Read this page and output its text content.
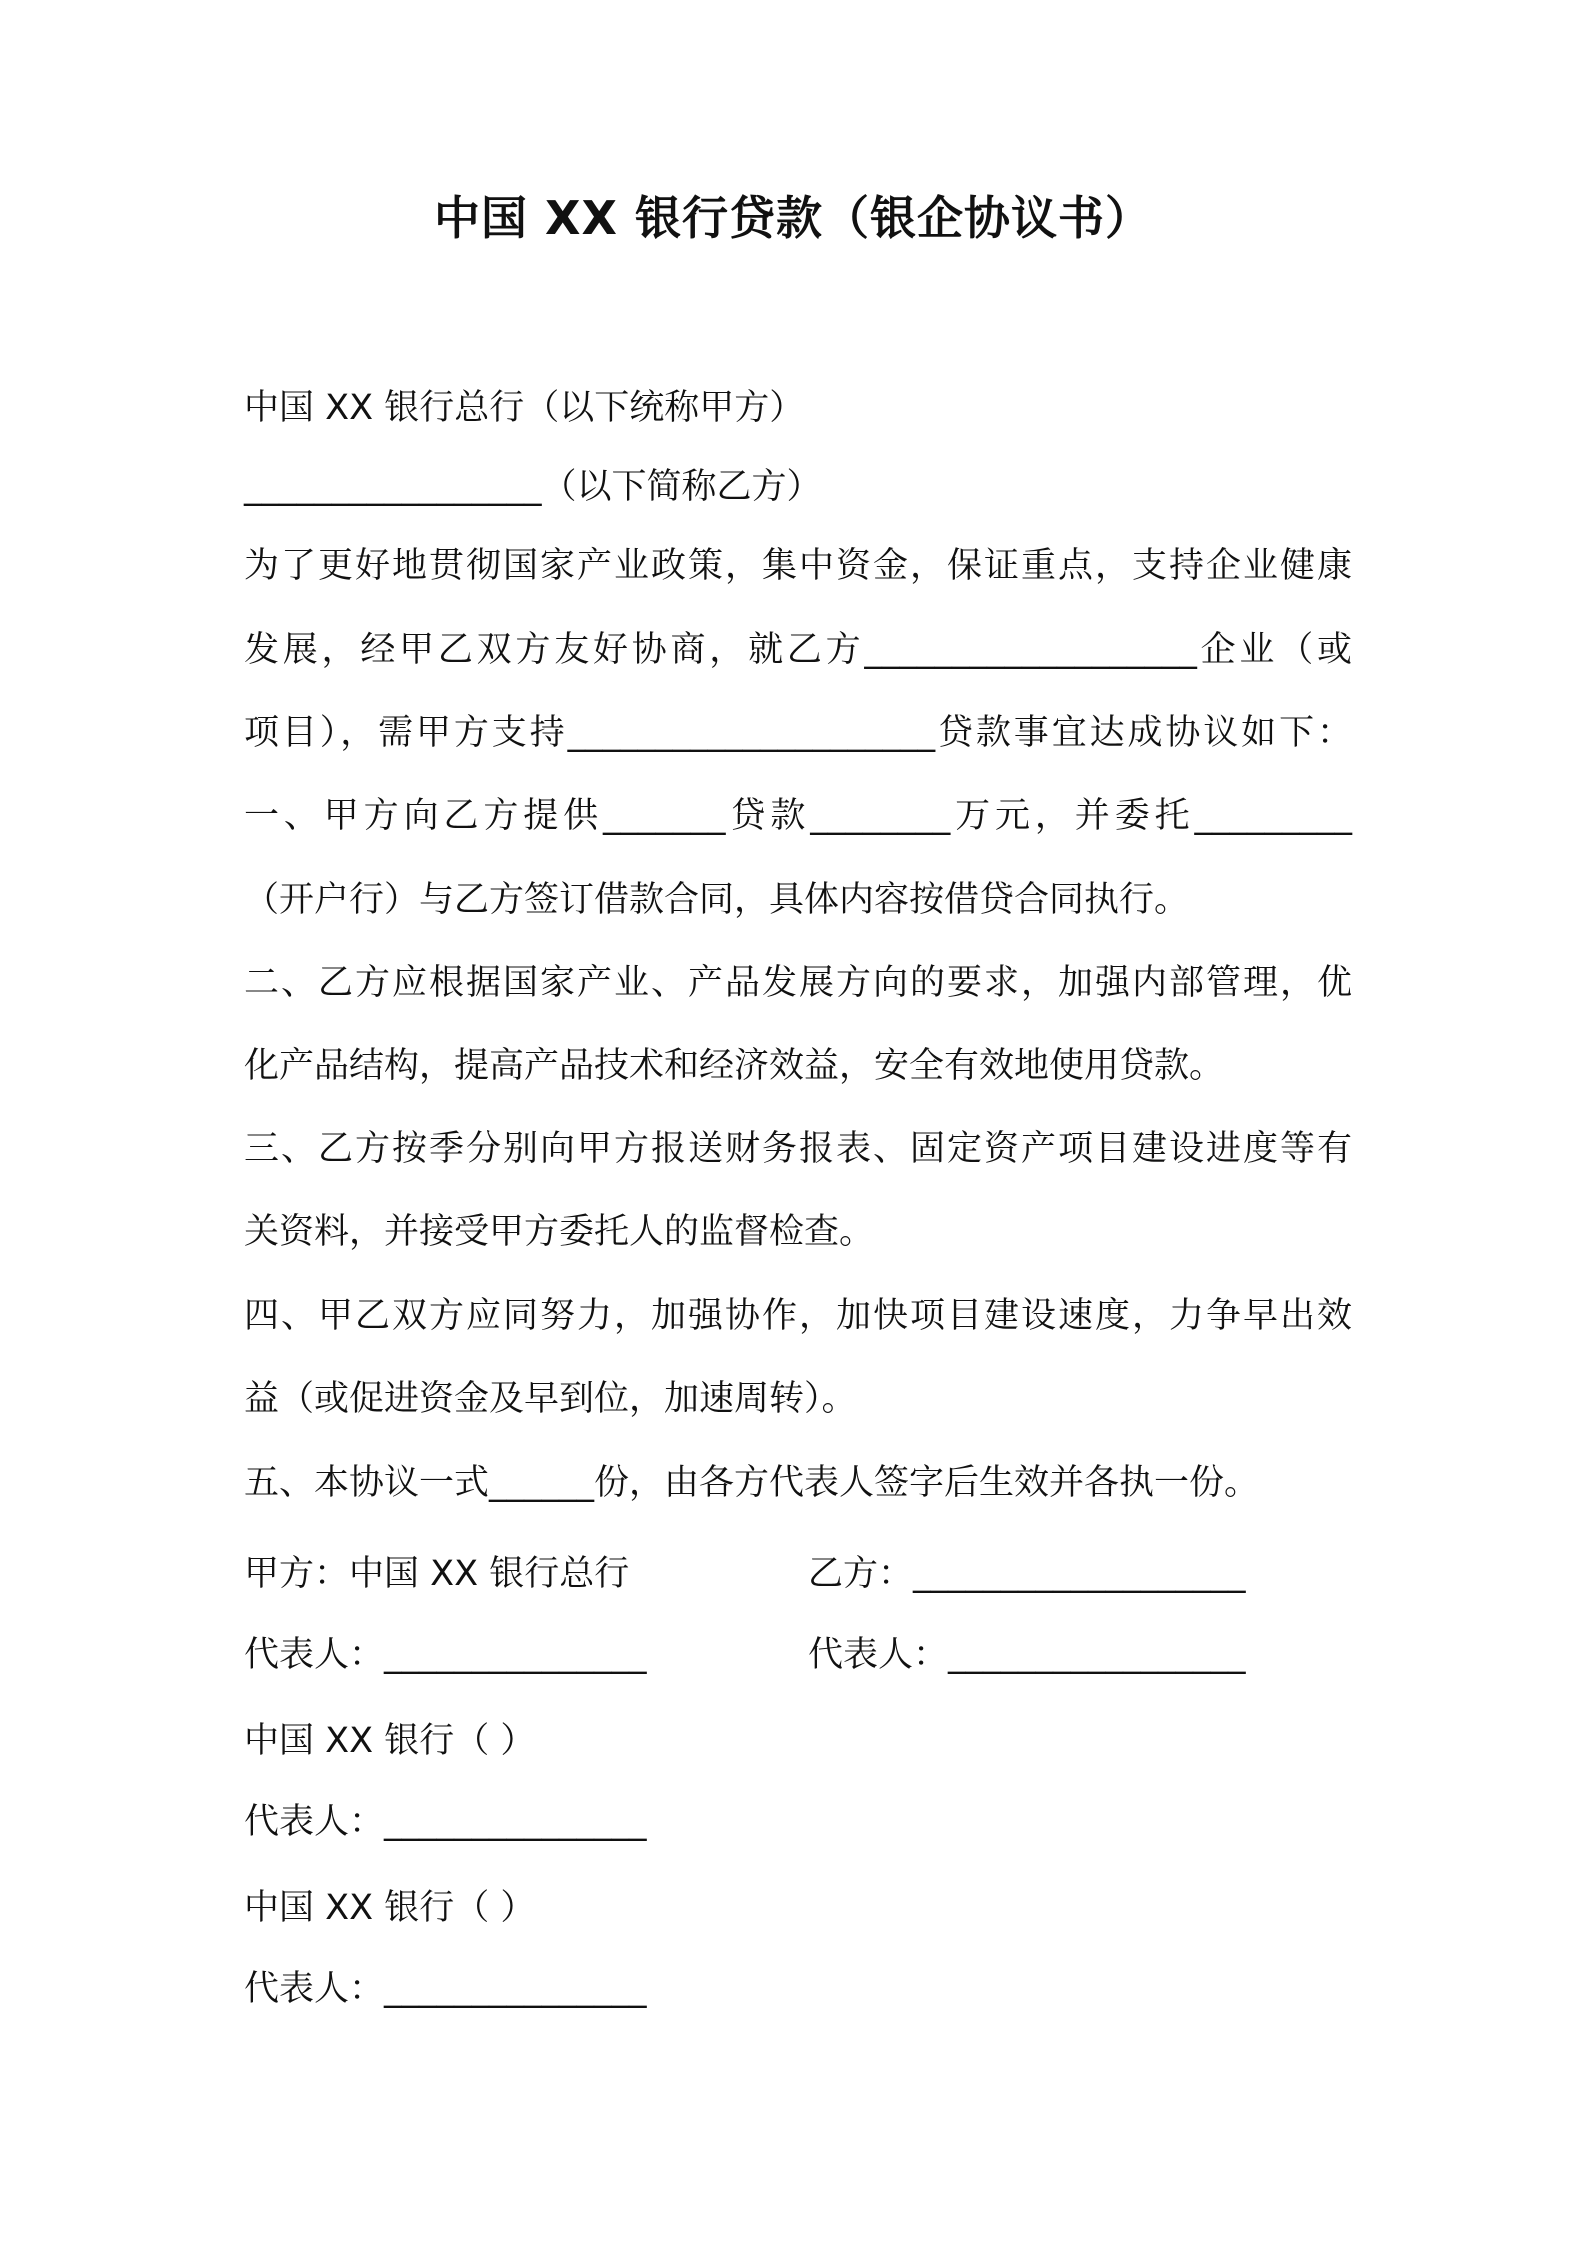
中国 XX 银行贷款（银企协议书）
中国 XX 银行总行（以下统称甲方）
_________________（以下简称乙方）
为了更好地贯彻国家产业政策，集中资金，保证重点，支持企业健康
发展，经甲乙双方友好协商，就乙方___________________企业（或
项目），需甲方支持_____________________贷款事宜达成协议如下：
一、甲方向乙方提供_______贷款________万元，并委托_________
（开户行）与乙方签订借款合同，具体内容按借贷合同执行。
二、乙方应根据国家产业、产品发展方向的要求，加强内部管理，优
化产品结构，提高产品技术和经济效益，安全有效地使用贷款。
三、乙方按季分别向甲方报送财务报表、固定资产项目建设进度等有
关资料，并接受甲方委托人的监督检查。
四、甲乙双方应同努力，加强协作，加快项目建设速度，力争早出效
益（或促进资金及早到位，加速周转）。
五、本协议一式______份，由各方代表人签字后生效并各执一份。
甲方：中国 XX 银行总行	乙方：___________________
代表人：_______________	代表人：_________________
中国 XX 银行（ ）
代表人：_______________
中国 XX 银行（ ）
代表人：_______________
